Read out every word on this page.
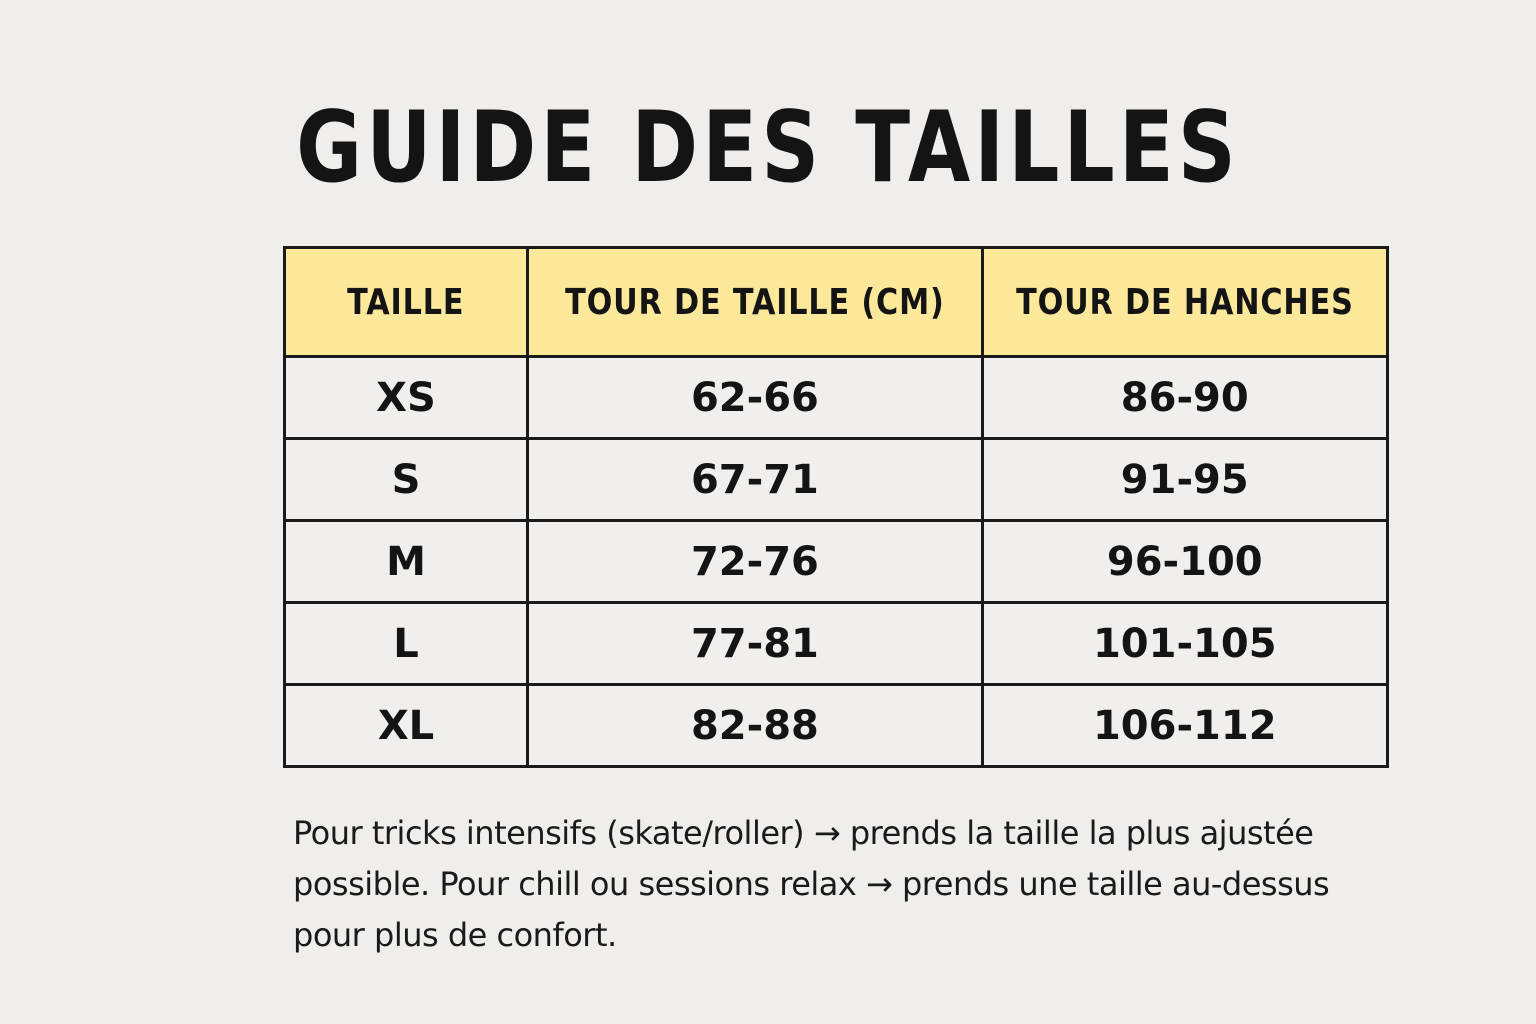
GUIDE DES TAILLES
TAILLE	TOUR DE TAILLE (CM)	TOUR DE HANCHES
XS	62-66	86-90
S	67-71	91-95
M	72-76	96-100
L	77-81	101-105
XL	82-88	106-112

Pour tricks intensifs (skate/roller) → prends la taille la plus ajustée possible. Pour chill ou sessions relax → prends une taille au-dessus pour plus de confort.
